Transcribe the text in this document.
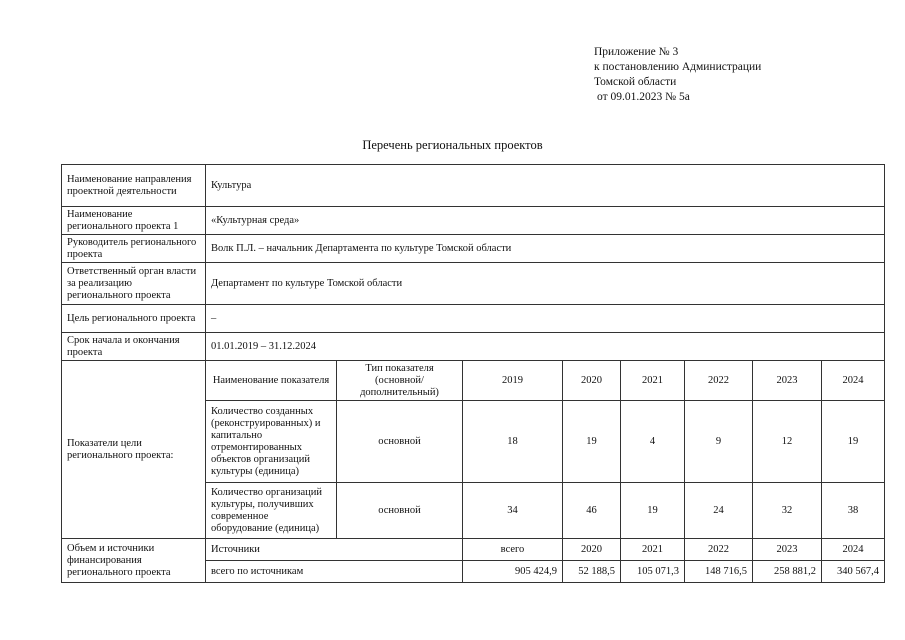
Приложение № 3
к постановлению Администрации
Томской области
от 09.01.2023 № 5а
Перечень региональных проектов
Наименование направления проектной деятельности	Культура							
Наименование регионального проекта 1	«Культурная среда»							
Руководитель регионального проекта	Волк П.Л. – начальник Департамента по культуре Томской области							
Ответственный орган власти за реализацию регионального проекта	Департамент по культуре Томской области							
Цель регионального проекта	–							
Срок начала и окончания проекта	01.01.2019 – 31.12.2024							
Показатели цели регионального проекта:	Наименование показателя	Тип показателя (основной/ дополнительный)	2019	2020	2021	2022	2023	2024
	Количество созданных (реконструированных) и капитально отремонтированных объектов организаций культуры (единица)	основной	18	19	4	9	12	19
	Количество организаций культуры, получивших современное оборудование (единица)	основной	34	46	19	24	32	38
Объем и источники финансирования регионального проекта	Источники		всего	2020	2021	2022	2023	2024
	всего по источникам		905 424,9	52 188,5	105 071,3	148 716,5	258 881,2	340 567,4
